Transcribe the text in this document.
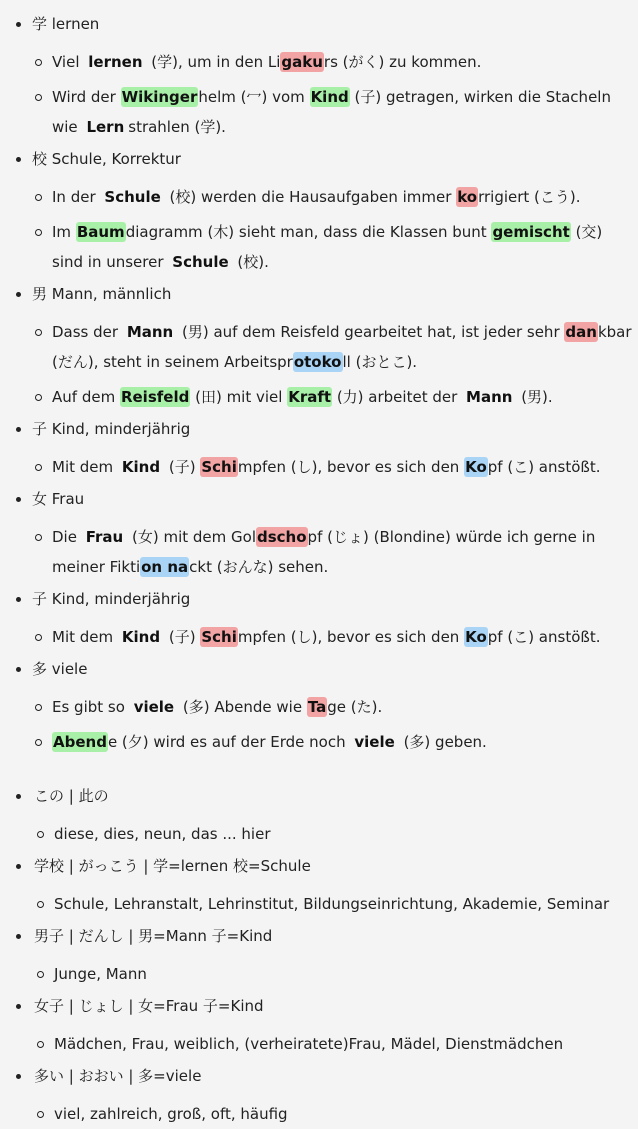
学 lernen
Viel lernen (学), um in den Ligakurs (がく) zu kommen.
Wird der Wikingerhelm (冖) vom Kind (子) getragen, wirken die Stacheln wie Lern strahlen (学).
校 Schule, Korrektur
In der Schule (校) werden die Hausaufgaben immer korrigiert (こう).
Im Baumdiagramm (木) sieht man, dass die Klassen bunt gemischt (交) sind in unserer Schule (校).
男 Mann, männlich
Dass der Mann (男) auf dem Reisfeld gearbeitet hat, ist jeder sehr dankbar (だん), steht in seinem Arbeitsprotokoll (おとこ).
Auf dem Reisfeld (田) mit viel Kraft (力) arbeitet der Mann (男).
子 Kind, minderjährig
Mit dem Kind (子) Schimpfen (し), bevor es sich den Kopf (こ) anstößt.
女 Frau
Die Frau (女) mit dem Goldschopf (じょ) (Blondine) würde ich gerne in meiner Fiktion nackt (おんな) sehen.
子 Kind, minderjährig
Mit dem Kind (子) Schimpfen (し), bevor es sich den Kopf (こ) anstößt.
多 viele
Es gibt so viele (多) Abende wie Tage (た).
Abende (夕) wird es auf der Erde noch viele (多) geben.
この | 此の
diese, dies, neun, das ... hier
学校 | がっこう | 学=lernen 校=Schule
Schule, Lehranstalt, Lehrinstitut, Bildungseinrichtung, Akademie, Seminar
男子 | だんし | 男=Mann 子=Kind
Junge, Mann
女子 | じょし | 女=Frau 子=Kind
Mädchen, Frau, weiblich, (verheiratete)Frau, Mädel, Dienstmädchen
多い | おおい | 多=viele
viel, zahlreich, groß, oft, häufig
